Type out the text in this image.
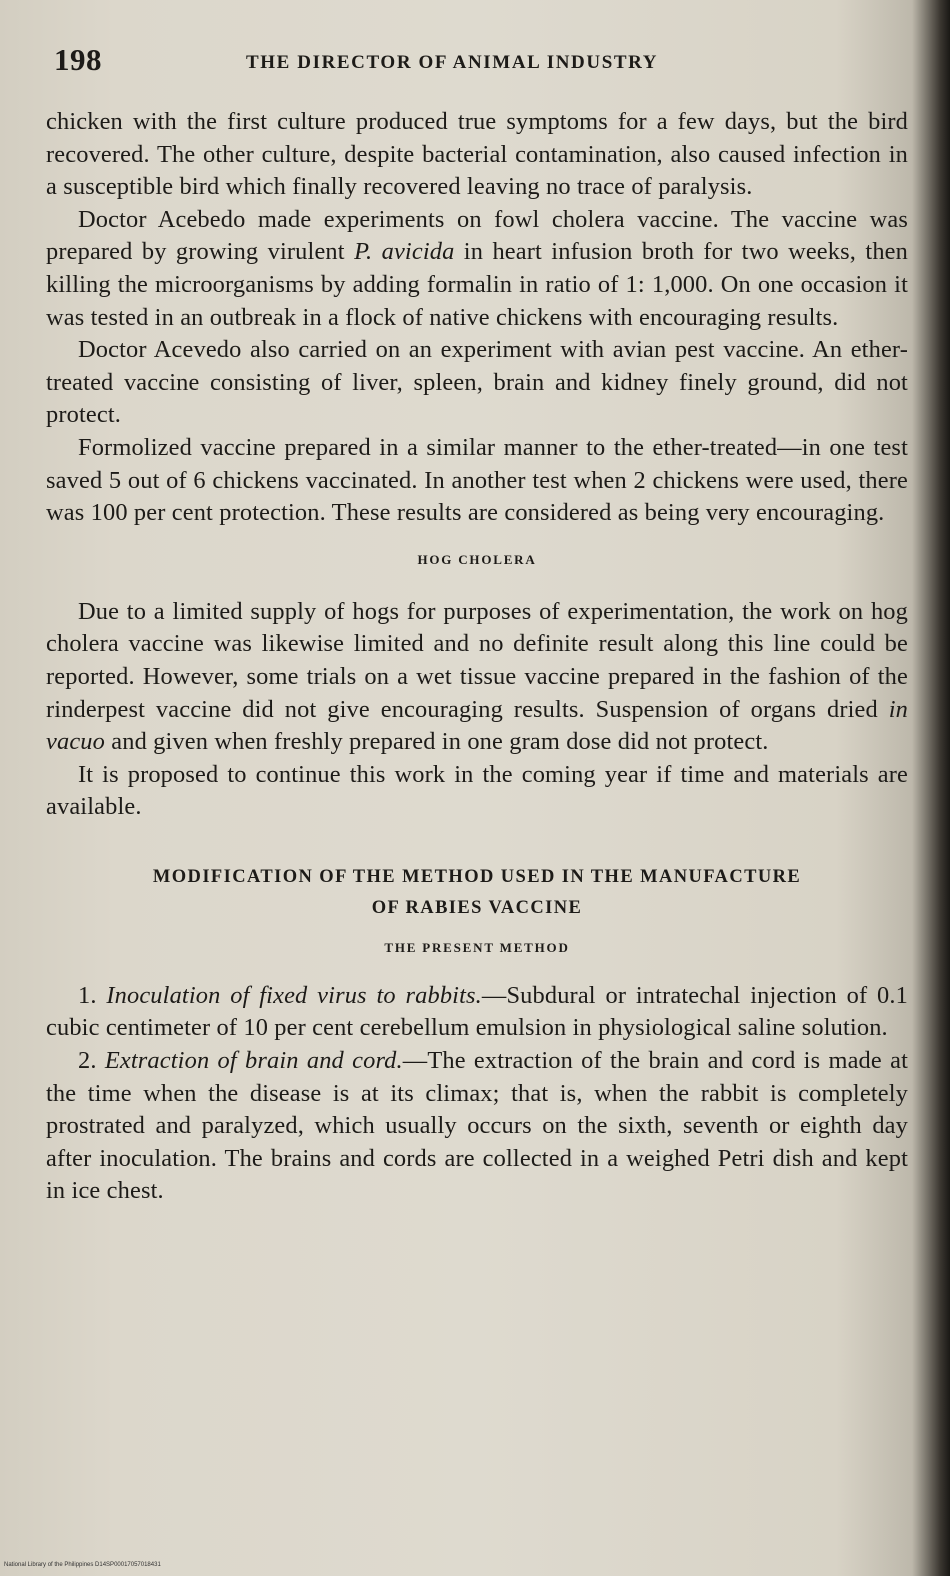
198	THE DIRECTOR OF ANIMAL INDUSTRY

chicken with the first culture produced true symptoms for a few days, but the bird recovered. The other culture, despite bacterial contamination, also caused infection in a susceptible bird which finally recovered leaving no trace of paralysis.

Doctor Acebedo made experiments on fowl cholera vaccine. The vaccine was prepared by growing virulent P. avicida in heart infusion broth for two weeks, then killing the microorganisms by adding formalin in ratio of 1: 1,000. On one occasion it was tested in an outbreak in a flock of native chickens with encouraging results.

Doctor Acevedo also carried on an experiment with avian pest vaccine. An ether-treated vaccine consisting of liver, spleen, brain and kidney finely ground, did not protect.

Formolized vaccine prepared in a similar manner to the ether-treated—in one test saved 5 out of 6 chickens vaccinated. In another test when 2 chickens were used, there was 100 per cent protection. These results are considered as being very encouraging.

HOG CHOLERA

Due to a limited supply of hogs for purposes of experimentation, the work on hog cholera vaccine was likewise limited and no definite result along this line could be reported. However, some trials on a wet tissue vaccine prepared in the fashion of the rinderpest vaccine did not give encouraging results. Suspension of organs dried in vacuo and given when freshly prepared in one gram dose did not protect.

It is proposed to continue this work in the coming year if time and materials are available.

MODIFICATION OF THE METHOD USED IN THE MANUFACTURE
OF RABIES VACCINE
THE PRESENT METHOD

1. Inoculation of fixed virus to rabbits.—Subdural or intratechal injection of 0.1 cubic centimeter of 10 per cent cerebellum emulsion in physiological saline solution.

2. Extraction of brain and cord.—The extraction of the brain and cord is made at the time when the disease is at its climax; that is, when the rabbit is completely prostrated and paralyzed, which usually occurs on the sixth, seventh or eighth day after inoculation. The brains and cords are collected in a weighed Petri dish and kept in ice chest.

National Library of the Philippines D14SP00017057018431
